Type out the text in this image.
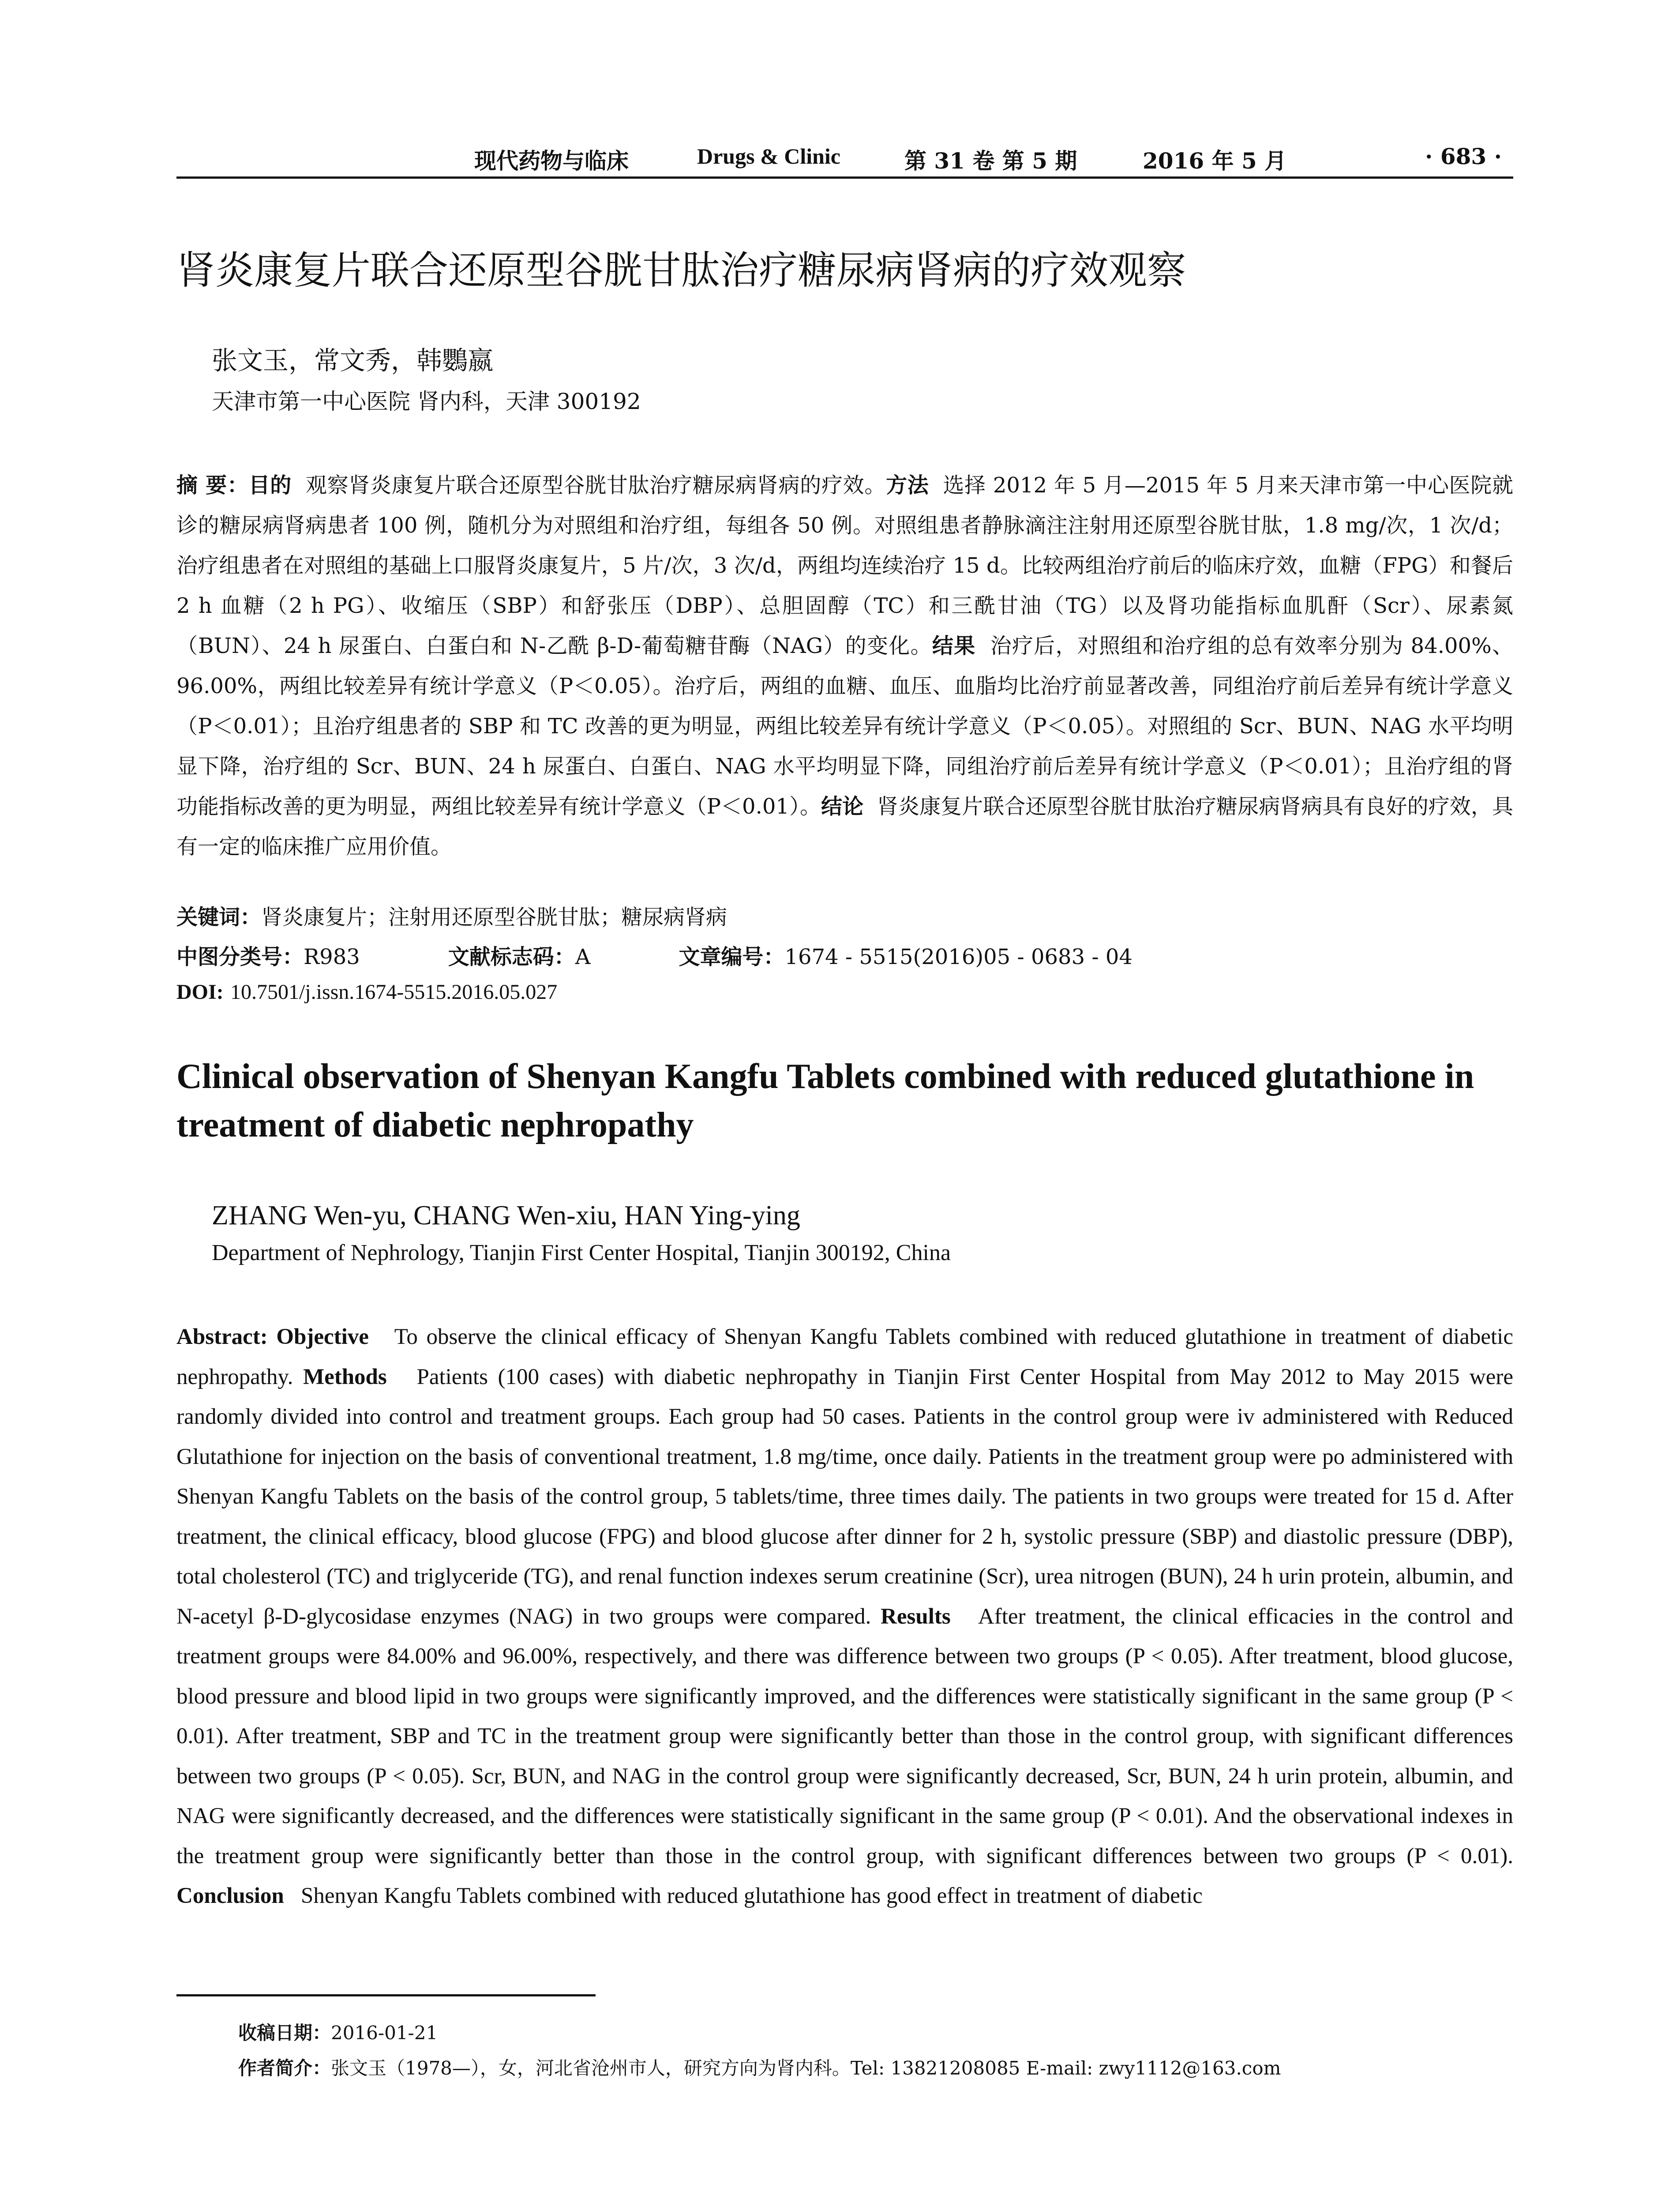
现代药物与临床	Drugs & Clinic	第 31 卷 第 5 期	2016 年 5 月	· 683 ·
肾炎康复片联合还原型谷胱甘肽治疗糖尿病肾病的疗效观察
张文玉，常文秀，韩鸚嬴
天津市第一中心医院 肾内科，天津 300192
摘 要：目的 观察肾炎康复片联合还原型谷胱甘肽治疗糖尿病肾病的疗效。方法 选择 2012 年 5 月—2015 年 5 月来天津市第一中心医院就诊的糖尿病肾病患者 100 例，随机分为对照组和治疗组，每组各 50 例。对照组患者静脉滴注注射用还原型谷胱甘肽，1.8 mg/次，1 次/d；治疗组患者在对照组的基础上口服肾炎康复片，5 片/次，3 次/d，两组均连续治疗 15 d。比较两组治疗前后的临床疗效，血糖（FPG）和餐后 2 h 血糖（2 h PG）、收缩压（SBP）和舒张压（DBP）、总胆固醇（TC）和三酰甘油（TG）以及肾功能指标血肌酐（Scr）、尿素氮（BUN）、24 h 尿蛋白、白蛋白和 N-乙酰 β-D-葡萄糖苷酶（NAG）的变化。结果 治疗后，对照组和治疗组的总有效率分别为 84.00%、96.00%，两组比较差异有统计学意义（P＜0.05）。治疗后，两组的血糖、血压、血脂均比治疗前显著改善，同组治疗前后差异有统计学意义（P＜0.01）；且治疗组患者的 SBP 和 TC 改善的更为明显，两组比较差异有统计学意义（P＜0.05）。对照组的 Scr、BUN、NAG 水平均明显下降，治疗组的 Scr、BUN、24 h 尿蛋白、白蛋白、NAG 水平均明显下降，同组治疗前后差异有统计学意义（P＜0.01）；且治疗组的肾功能指标改善的更为明显，两组比较差异有统计学意义（P＜0.01）。结论 肾炎康复片联合还原型谷胱甘肽治疗糖尿病肾病具有良好的疗效，具有一定的临床推广应用价值。
关键词：肾炎康复片；注射用还原型谷胱甘肽；糖尿病肾病
中图分类号：R983	文献标志码：A	文章编号：1674 - 5515(2016)05 - 0683 - 04
DOI: 10.7501/j.issn.1674-5515.2016.05.027
Clinical observation of Shenyan Kangfu Tablets combined with reduced glutathione in treatment of diabetic nephropathy
ZHANG Wen-yu, CHANG Wen-xiu, HAN Ying-ying
Department of Nephrology, Tianjin First Center Hospital, Tianjin 300192, China
Abstract: Objective To observe the clinical efficacy of Shenyan Kangfu Tablets combined with reduced glutathione in treatment of diabetic nephropathy. Methods Patients (100 cases) with diabetic nephropathy in Tianjin First Center Hospital from May 2012 to May 2015 were randomly divided into control and treatment groups. Each group had 50 cases. Patients in the control group were iv administered with Reduced Glutathione for injection on the basis of conventional treatment, 1.8 mg/time, once daily. Patients in the treatment group were po administered with Shenyan Kangfu Tablets on the basis of the control group, 5 tablets/time, three times daily. The patients in two groups were treated for 15 d. After treatment, the clinical efficacy, blood glucose (FPG) and blood glucose after dinner for 2 h, systolic pressure (SBP) and diastolic pressure (DBP), total cholesterol (TC) and triglyceride (TG), and renal function indexes serum creatinine (Scr), urea nitrogen (BUN), 24 h urin protein, albumin, and N-acetyl β-D-glycosidase enzymes (NAG) in two groups were compared. Results After treatment, the clinical efficacies in the control and treatment groups were 84.00% and 96.00%, respectively, and there was difference between two groups (P < 0.05). After treatment, blood glucose, blood pressure and blood lipid in two groups were significantly improved, and the differences were statistically significant in the same group (P < 0.01). After treatment, SBP and TC in the treatment group were significantly better than those in the control group, with significant differences between two groups (P < 0.05). Scr, BUN, and NAG in the control group were significantly decreased, Scr, BUN, 24 h urin protein, albumin, and NAG were significantly decreased, and the differences were statistically significant in the same group (P < 0.01). And the observational indexes in the treatment group were significantly better than those in the control group, with significant differences between two groups (P < 0.01). Conclusion Shenyan Kangfu Tablets combined with reduced glutathione has good effect in treatment of diabetic
收稿日期：2016-01-21
作者简介：张文玉（1978—），女，河北省沧州市人，研究方向为肾内科。Tel: 13821208085 E-mail: zwy1112@163.com
